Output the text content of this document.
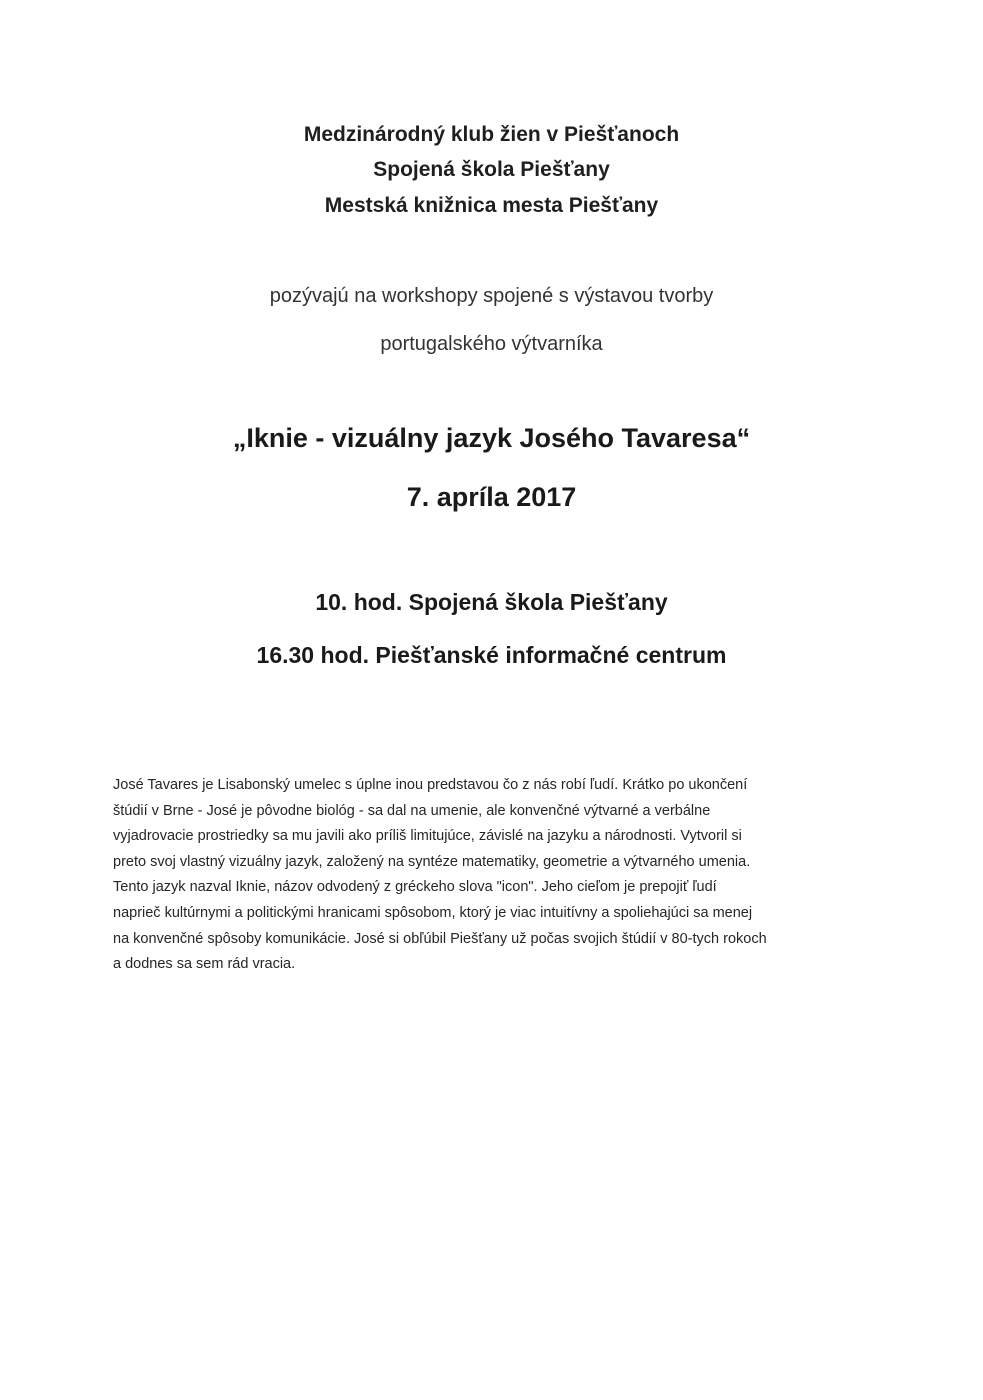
Medzinárodný klub žien v Piešťanoch
Spojená škola Piešťany
Mestská knižnica mesta Piešťany
pozývajú na workshopy spojené s výstavou tvorby
portugalského výtvarníka
„Iknie - vizuálny jazyk Josého Tavaresa“
7. apríla 2017
10. hod. Spojená škola Piešťany
16.30 hod. Piešťanské informačné centrum
José Tavares je Lisabonský umelec s úplne inou predstavou čo z nás robí ľudí. Krátko po ukončení
štúdií v Brne - José je pôvodne biológ - sa dal na umenie, ale konvenčné výtvarné a verbálne
vyjadrovacie prostriedky sa mu javili ako príliš limitujúce, závislé na jazyku a národnosti. Vytvoril si
preto svoj vlastný vizuálny jazyk, založený na syntéze matematiky, geometrie a výtvarného umenia.
Tento jazyk nazval Iknie, názov odvodený z gréckeho slova "icon". Jeho cieľom je prepojiť ľudí
naprieč kultúrnymi a politickými hranicami spôsobom, ktorý je viac intuitívny a spoliehajúci sa menej
na konvenčné spôsoby komunikácie. José si obľúbil Piešťany už počas svojich štúdií v 80-tych rokoch
a dodnes sa sem rád vracia.
